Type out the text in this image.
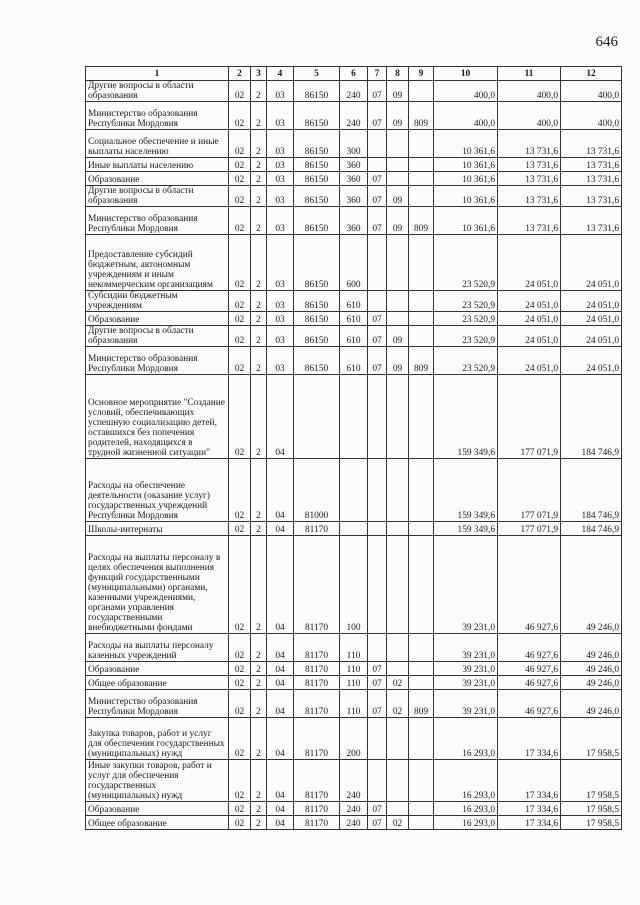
646
1	2	3	4	5	6	7	8	9	10	11	12
Другие вопросы в области образования	02	2	03	86150	240	07	09		400,0	400,0	400,0
Министерство образования Республики Мордовия	02	2	03	86150	240	07	09	809	400,0	400,0	400,0
Социальное обеспечение и иные выплаты населению	02	2	03	86150	300				10 361,6	13 731,6	13 731,6
Иные выплаты населению	02	2	03	86150	360				10 361,6	13 731,6	13 731,6
Образование	02	2	03	86150	360	07			10 361,6	13 731,6	13 731,6
Другие вопросы в области образования	02	2	03	86150	360	07	09		10 361,6	13 731,6	13 731,6
Министерство образования Республики Мордовия	02	2	03	86150	360	07	09	809	10 361,6	13 731,6	13 731,6
Предоставление субсидий бюджетным, автономным учреждениям и иным некоммерческим организациям	02	2	03	86150	600				23 520,9	24 051,0	24 051,0
Субсидии бюджетным учреждениям	02	2	03	86150	610				23 520,9	24 051,0	24 051,0
Образование	02	2	03	86150	610	07			23 520,9	24 051,0	24 051,0
Другие вопросы в области образования	02	2	03	86150	610	07	09		23 520,9	24 051,0	24 051,0
Министерство образования Республики Мордовия	02	2	03	86150	610	07	09	809	23 520,9	24 051,0	24 051,0
Основное мероприятие "Создание условий, обеспечивающих успешную социализацию детей, оставшихся без попечения родителей, находящихся в трудной жизненной ситуации"	02	2	04						159 349,6	177 071,9	184 746,9
Расходы на обеспечение деятельности (оказание услуг) государственных учреждений Республики Мордовия	02	2	04	81000					159 349,6	177 071,9	184 746,9
Школы-интернаты	02	2	04	81170					159 349,6	177 071,9	184 746,9
Расходы на выплаты персоналу в целях обеспечения выполнения функций государственными (муниципальными) органами, казенными учреждениями, органами управления государственными внебюджетными фондами	02	2	04	81170	100				39 231,0	46 927,6	49 246,0
Расходы на выплаты персоналу казенных учреждений	02	2	04	81170	110				39 231,0	46 927,6	49 246,0
Образование	02	2	04	81170	110	07			39 231,0	46 927,6	49 246,0
Общее образование	02	2	04	81170	110	07	02		39 231,0	46 927,6	49 246,0
Министерство образования Республики Мордовия	02	2	04	81170	110	07	02	809	39 231,0	46 927,6	49 246,0
Закупка товаров, работ и услуг для обеспечения государственных (муниципальных) нужд	02	2	04	81170	200				16 293,0	17 334,6	17 958,5
Иные закупки товаров, работ и услуг для обеспечения государственных (муниципальных) нужд	02	2	04	81170	240				16 293,0	17 334,6	17 958,5
Образование	02	2	04	81170	240	07			16 293,0	17 334,6	17 958,5
Общее образование	02	2	04	81170	240	07	02		16 293,0	17 334,6	17 958,5
